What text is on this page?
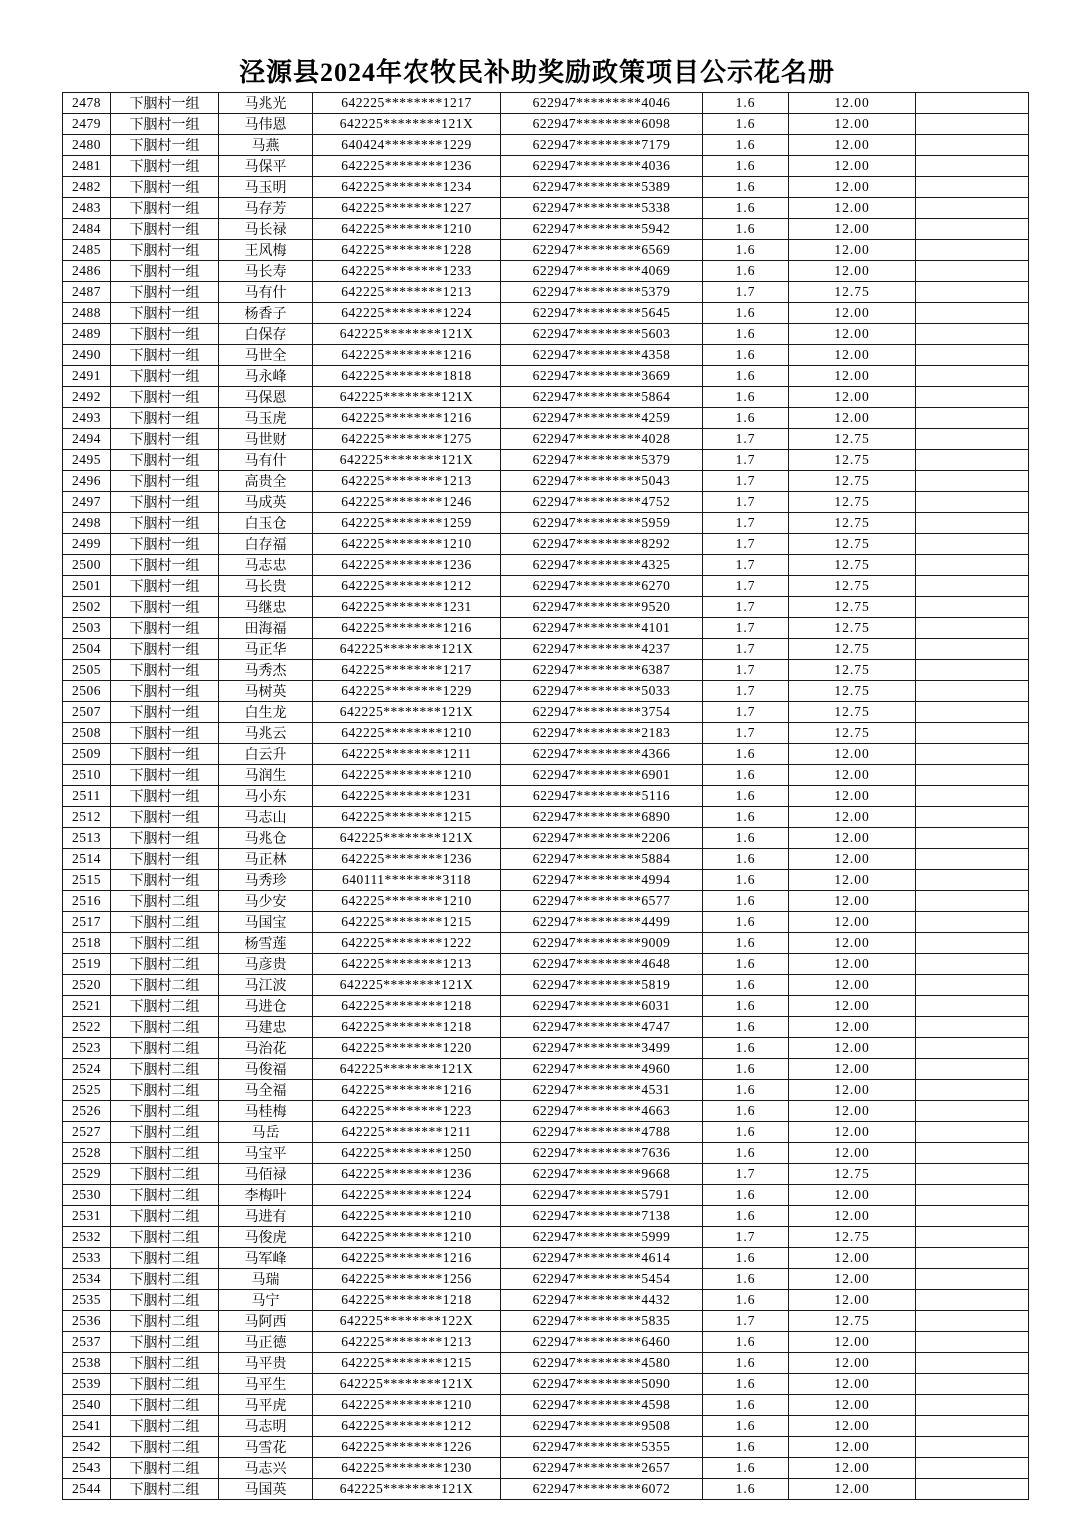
泾源县2024年农牧民补助奖励政策项目公示花名册
2478	下胭村一组	马兆光	642225********1217	622947*********4046	1.6	12.00	
2479	下胭村一组	马伟恩	642225********121X	622947*********6098	1.6	12.00	
2480	下胭村一组	马燕	640424********1229	622947*********7179	1.6	12.00	
2481	下胭村一组	马保平	642225********1236	622947*********4036	1.6	12.00	
2482	下胭村一组	马玉明	642225********1234	622947*********5389	1.6	12.00	
2483	下胭村一组	马存芳	642225********1227	622947*********5338	1.6	12.00	
2484	下胭村一组	马长禄	642225********1210	622947*********5942	1.6	12.00	
2485	下胭村一组	王风梅	642225********1228	622947*********6569	1.6	12.00	
2486	下胭村一组	马长寿	642225********1233	622947*********4069	1.6	12.00	
2487	下胭村一组	马有什	642225********1213	622947*********5379	1.7	12.75	
2488	下胭村一组	杨香子	642225********1224	622947*********5645	1.6	12.00	
2489	下胭村一组	白保存	642225********121X	622947*********5603	1.6	12.00	
2490	下胭村一组	马世全	642225********1216	622947*********4358	1.6	12.00	
2491	下胭村一组	马永峰	642225********1818	622947*********3669	1.6	12.00	
2492	下胭村一组	马保恩	642225********121X	622947*********5864	1.6	12.00	
2493	下胭村一组	马玉虎	642225********1216	622947*********4259	1.6	12.00	
2494	下胭村一组	马世财	642225********1275	622947*********4028	1.7	12.75	
2495	下胭村一组	马有什	642225********121X	622947*********5379	1.7	12.75	
2496	下胭村一组	高贵全	642225********1213	622947*********5043	1.7	12.75	
2497	下胭村一组	马成英	642225********1246	622947*********4752	1.7	12.75	
2498	下胭村一组	白玉仓	642225********1259	622947*********5959	1.7	12.75	
2499	下胭村一组	白存福	642225********1210	622947*********8292	1.7	12.75	
2500	下胭村一组	马志忠	642225********1236	622947*********4325	1.7	12.75	
2501	下胭村一组	马长贵	642225********1212	622947*********6270	1.7	12.75	
2502	下胭村一组	马继忠	642225********1231	622947*********9520	1.7	12.75	
2503	下胭村一组	田海福	642225********1216	622947*********4101	1.7	12.75	
2504	下胭村一组	马正华	642225********121X	622947*********4237	1.7	12.75	
2505	下胭村一组	马秀杰	642225********1217	622947*********6387	1.7	12.75	
2506	下胭村一组	马树英	642225********1229	622947*********5033	1.7	12.75	
2507	下胭村一组	白生龙	642225********121X	622947*********3754	1.7	12.75	
2508	下胭村一组	马兆云	642225********1210	622947*********2183	1.7	12.75	
2509	下胭村一组	白云升	642225********1211	622947*********4366	1.6	12.00	
2510	下胭村一组	马润生	642225********1210	622947*********6901	1.6	12.00	
2511	下胭村一组	马小东	642225********1231	622947*********5116	1.6	12.00	
2512	下胭村一组	马志山	642225********1215	622947*********6890	1.6	12.00	
2513	下胭村一组	马兆仓	642225********121X	622947*********2206	1.6	12.00	
2514	下胭村一组	马正林	642225********1236	622947*********5884	1.6	12.00	
2515	下胭村一组	马秀珍	640111********3118	622947*********4994	1.6	12.00	
2516	下胭村二组	马少安	642225********1210	622947*********6577	1.6	12.00	
2517	下胭村二组	马国宝	642225********1215	622947*********4499	1.6	12.00	
2518	下胭村二组	杨雪莲	642225********1222	622947*********9009	1.6	12.00	
2519	下胭村二组	马彦贵	642225********1213	622947*********4648	1.6	12.00	
2520	下胭村二组	马江波	642225********121X	622947*********5819	1.6	12.00	
2521	下胭村二组	马进仓	642225********1218	622947*********6031	1.6	12.00	
2522	下胭村二组	马建忠	642225********1218	622947*********4747	1.6	12.00	
2523	下胭村二组	马治花	642225********1220	622947*********3499	1.6	12.00	
2524	下胭村二组	马俊福	642225********121X	622947*********4960	1.6	12.00	
2525	下胭村二组	马全福	642225********1216	622947*********4531	1.6	12.00	
2526	下胭村二组	马桂梅	642225********1223	622947*********4663	1.6	12.00	
2527	下胭村二组	马岳	642225********1211	622947*********4788	1.6	12.00	
2528	下胭村二组	马宝平	642225********1250	622947*********7636	1.6	12.00	
2529	下胭村二组	马佰禄	642225********1236	622947*********9668	1.7	12.75	
2530	下胭村二组	李梅叶	642225********1224	622947*********5791	1.6	12.00	
2531	下胭村二组	马进有	642225********1210	622947*********7138	1.6	12.00	
2532	下胭村二组	马俊虎	642225********1210	622947*********5999	1.7	12.75	
2533	下胭村二组	马军峰	642225********1216	622947*********4614	1.6	12.00	
2534	下胭村二组	马瑞	642225********1256	622947*********5454	1.6	12.00	
2535	下胭村二组	马宁	642225********1218	622947*********4432	1.6	12.00	
2536	下胭村二组	马阿西	642225********122X	622947*********5835	1.7	12.75	
2537	下胭村二组	马正德	642225********1213	622947*********6460	1.6	12.00	
2538	下胭村二组	马平贵	642225********1215	622947*********4580	1.6	12.00	
2539	下胭村二组	马平生	642225********121X	622947*********5090	1.6	12.00	
2540	下胭村二组	马平虎	642225********1210	622947*********4598	1.6	12.00	
2541	下胭村二组	马志明	642225********1212	622947*********9508	1.6	12.00	
2542	下胭村二组	马雪花	642225********1226	622947*********5355	1.6	12.00	
2543	下胭村二组	马志兴	642225********1230	622947*********2657	1.6	12.00	
2544	下胭村二组	马国英	642225********121X	622947*********6072	1.6	12.00	
